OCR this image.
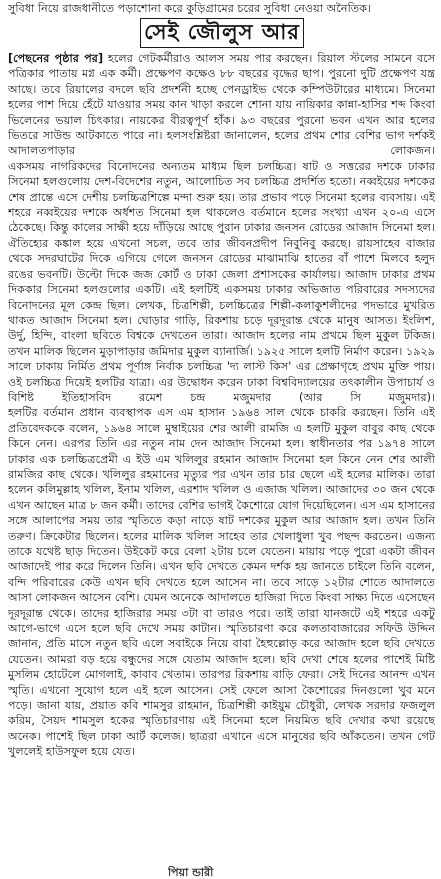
সুবিধা নিয়ে রাজধানীতে পড়াশোনা করে কুড়িগ্রামের চরের সুবিধা নেওয়া অনৈতিক।
সেই জৌলুস আর

[পেছনের পৃষ্ঠার পর] হলের গেটকর্মীরাও আলস সময় পার করছেন। রিয়াল স্টলের সামনে বসে পত্রিকার পাতায় মগ্ন এক কর্মী। প্রক্ষেপণ কক্ষেও ৮৮ বছরের বৃদ্ধের ছাপ। পুরনো দুটি প্রক্ষেপণ যন্ত্র আছে। তবে রিয়ালের বদলে ছবি প্রদর্শনী হচ্ছে পেনড্রাইভ থেকে কম্পিউটারের মাধ্যমে। সিনেমা হলের পাশ দিয়ে হেঁটে যাওয়ার সময় কান খাড়া করলে শোনা যায় নায়িকার কান্না-হাসির শব্দ কিংবা ভিলেনের ভয়াল চিৎকার। নায়কের বীরত্বপূর্ণ হাঁক। ৯৩ বছরের পুরনো ভবন এখন আর হলের ভিতরে সাউন্ড আটকাতে পারে না। হলসংশ্লিষ্টরা জানালেন, হলের প্রথম শোর বেশির ভাগ দর্শকই আদালতপাড়ার লোকজন।

একসময় নাগরিকদের বিনোদনের অন্যতম মাধ্যম ছিল চলচ্চিত্র। ষাট ও সত্তরের দশকে ঢাকার সিনেমা হলগুলোয় দেশ-বিদেশের নতুন, আলোচিত সব চলচ্চিত্র প্রদর্শিত হতো। নব্বইয়ের দশকের শেষ প্রান্তে এসে দেশীয় চলচ্চিত্রশিল্পে মন্দা শুরু হয়। তার প্রভাব পড়ে সিনেমা হলের ব্যবসায়। এই শহরে নব্বইয়ের দশকে অর্ধশত সিনেমা হল থাকলেও বর্তমানে হলের সংখ্যা এখন ২০-এ এসে ঠেকেছে। কিন্তু কালের সাক্ষী হয়ে দাঁড়িয়ে আছে পুরান ঢাকার জনসন রোডের আজাদ সিনেমা হল। ঐতিহ্যের কঙ্কাল হয়ে এখনো সচল, তবে তার জীবনপ্রদীপ নিবুনিবু করছে। রায়সাহেব বাজার থেকে সদরঘাটের দিকে এগিয়ে গেলে জনসন রোডের মাঝামাঝি হাতের বাঁ পাশে মিলবে হলুদ রঙের ভবনটি। উল্টো দিকে জজ কোর্ট ও ঢাকা জেলা প্রশাসকের কার্যালয়। আজাদ ঢাকার প্রথম দিককার সিনেমা হলগুলোর একটি। এই হলটিই একসময় ঢাকার অভিজাত পরিবারের সদস্যদের বিনোদনের মূল কেন্দ্র ছিল। লেখক, চিত্রশিল্পী, চলচ্চিত্রের শিল্পী-কলাকুশলীদের পদভারে মুখরিত থাকত আজাদ সিনেমা হল। ঘোড়ার গাড়ি, রিকশায় চড়ে দূরদূরান্ত থেকে মানুষ আসত। ইংলিশ, উর্দু, হিন্দি, বাংলা ছবিতে বিশ্বকে দেখতেন তারা। আজাদ হলের নাম প্রথমে ছিল মুকুল টকিজ। তখন মালিক ছিলেন মুড়াপাড়ার জমিদার মুকুল ব্যানার্জি। ১৯২৫ সালে হলটি নির্মাণ করেন। ১৯২৯ সালে ঢাকায় নির্মিত প্রথম পূর্ণাঙ্গ নির্বাক চলচ্চিত্র 'দ্য লাস্ট কিস' এর প্রেক্ষাগৃহে প্রথম মুক্তি পায়। ওই চলচ্চিত্র দিয়েই হলটির যাত্রা। এর উদ্বোধন করেন ঢাকা বিশ্ববিদ্যালয়ের তৎকালীন উপাচার্য ও বিশিষ্ট ইতিহাসবিদ রমেশ চন্দ্র মজুমদার (আর সি মজুমদার)।

হলটির বর্তমান প্রধান ব্যবস্থাপক এস এম হাসান ১৯৬৪ সাল থেকে চাকরি করছেন। তিনি এই প্রতিবেদককে বলেন, ১৯৬৪ সালে মুম্বাইয়ের শের আলী রামজি এ হলটি মুকুল বাবুর কাছ থেকে কিনে নেন। এরপর তিনি এর নতুন নাম দেন আজাদ সিনেমা হল। স্বাধীনতার পর ১৯৭৪ সালে ঢাকার এক চলচ্চিত্রপ্রেমী এ ইউ এম খলিলুর রহমান আজাদ সিনেমা হল কিনে নেন শের আলী রামজির কাছ থেকে। খলিলুর রহমানের মৃত্যুর পর এখন তার চার ছেলে এই হলের মালিক। তারা হলেন কলিমুল্লাহ খলিল, ইনাম খলিল, এরশাদ খলিল ও এজাজ খলিল। আজাদের ৩০ জন থেকে এখন আছেন মাত্র ৮ জন কর্মী। তাদের বেশির ভাগই কৈশোরে যোগ দিয়েছিলেন। এস এম হাসানের সঙ্গে আলাপের সময় তার স্মৃতিতে কড়া নাড়ে ষাট দশকের মুকুল আর আজাদ হল। তখন তিনি তরুণ। ক্রিকেটার ছিলেন। হলের মালিক খলিল সাহেব তার খেলাধুলা খুব পছন্দ করতেন। এজন্য তাকে যথেষ্ট ছাড় দিতেন। উইকেট করে বেলা ২টায় চলে যেতেন। মায়ায় পড়ে পুরো একটা জীবন আজাদেই পার করে দিলেন তিনি। এখন ছবি দেখতে কেমন দর্শক হয় জানতে চাইলে তিনি বলেন, বন্দি পরিবারের কেউ এখন ছবি দেখতে হলে আসেন না। তবে সাড়ে ১২টার শোতে আদালতে আসা লোকজন আসেন বেশি। যেমন অনেকে আদালতে হাজিরা দিতে কিংবা সাক্ষ্য দিতে এসেছেন দূরদূরান্ত থেকে। তাদের হাজিরার সময় ৩টা বা তারও পরে। তাই তারা যানজটে এই শহরে একটু আগে-ভাগে এসে হলে ছবি দেখে সময় কাটান। স্মৃতিচারণা করে কলতাবাজারের সফিউ উদ্দিন জানান, প্রতি মাসে নতুন ছবি এলে সবাইকে নিয়ে বাবা হৈহুল্লোড় করে আজাদ হলে ছবি দেখতে যেতেন। আমরা বড় হয়ে বন্ধুদের সঙ্গে যেতাম আজাদ হলে। ছবি দেখা শেষে হলের পাশেই মিষ্টি মুসলিম হোটেলে মোগলাই, কাবাব খেতাম। তারপর রিকশায় বাড়ি ফেরা। সেই দিনের আনন্দ এখন স্মৃতি। এখনো সুযোগ হলে এই হলে আসেন। সেই ফেলে আসা কৈশোরের দিনগুলো খুব মনে পড়ে। জানা যায়, প্রয়াত কবি শামসুর রাহমান, চিত্রশিল্পী কাইয়ুম চৌধুরী, লেখক সরদার ফজলুল করিম, সৈয়দ শামসুল হকের স্মৃতিচারণায় এই সিনেমা হলে নিয়মিত ছবি দেখার কথা রয়েছে অনেক। পাশেই ছিল ঢাকা আর্ট কলেজ। ছাত্ররা এখানে এসে মানুষের ছবি আঁকতেন। তখন গেট খুললেই হাউসফুল হয়ে যেত।

পিয়া ন্ডারী
